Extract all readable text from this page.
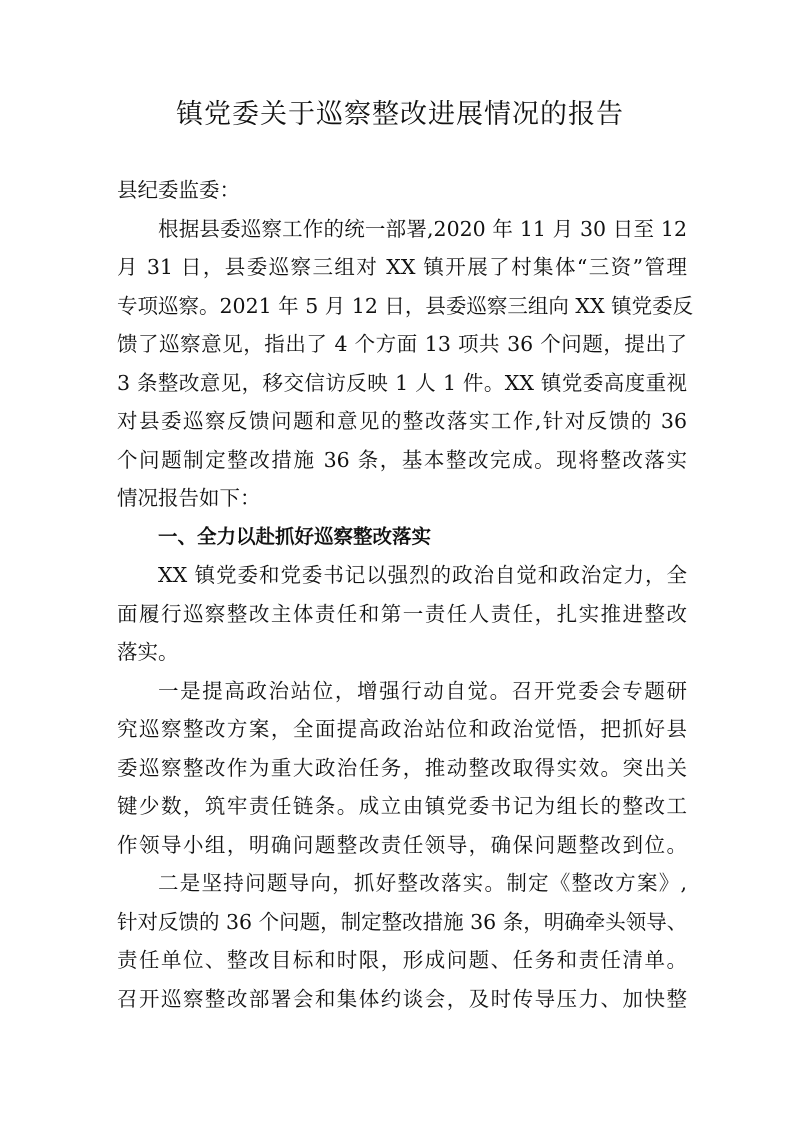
镇党委关于巡察整改进展情况的报告
县纪委监委：
根据县委巡察工作的统一部署,2020 年 11 月 30 日至 12
月 31 日，县委巡察三组对 XX 镇开展了村集体“三资”管理
专项巡察。2021 年 5 月 12 日，县委巡察三组向 XX 镇党委反
馈了巡察意见，指出了 4 个方面 13 项共 36 个问题，提出了
3 条整改意见，移交信访反映 1 人 1 件。XX 镇党委高度重视
对县委巡察反馈问题和意见的整改落实工作,针对反馈的 36
个问题制定整改措施 36 条，基本整改完成。现将整改落实
情况报告如下：
一、全力以赴抓好巡察整改落实
XX 镇党委和党委书记以强烈的政治自觉和政治定力，全
面履行巡察整改主体责任和第一责任人责任，扎实推进整改
落实。
一是提高政治站位，增强行动自觉。召开党委会专题研
究巡察整改方案，全面提高政治站位和政治觉悟，把抓好县
委巡察整改作为重大政治任务，推动整改取得实效。突出关
键少数，筑牢责任链条。成立由镇党委书记为组长的整改工
作领导小组，明确问题整改责任领导，确保问题整改到位。
二是坚持问题导向，抓好整改落实。制定《整改方案》,
针对反馈的 36 个问题，制定整改措施 36 条，明确牵头领导、
责任单位、整改目标和时限，形成问题、任务和责任清单。
召开巡察整改部署会和集体约谈会，及时传导压力、加快整
